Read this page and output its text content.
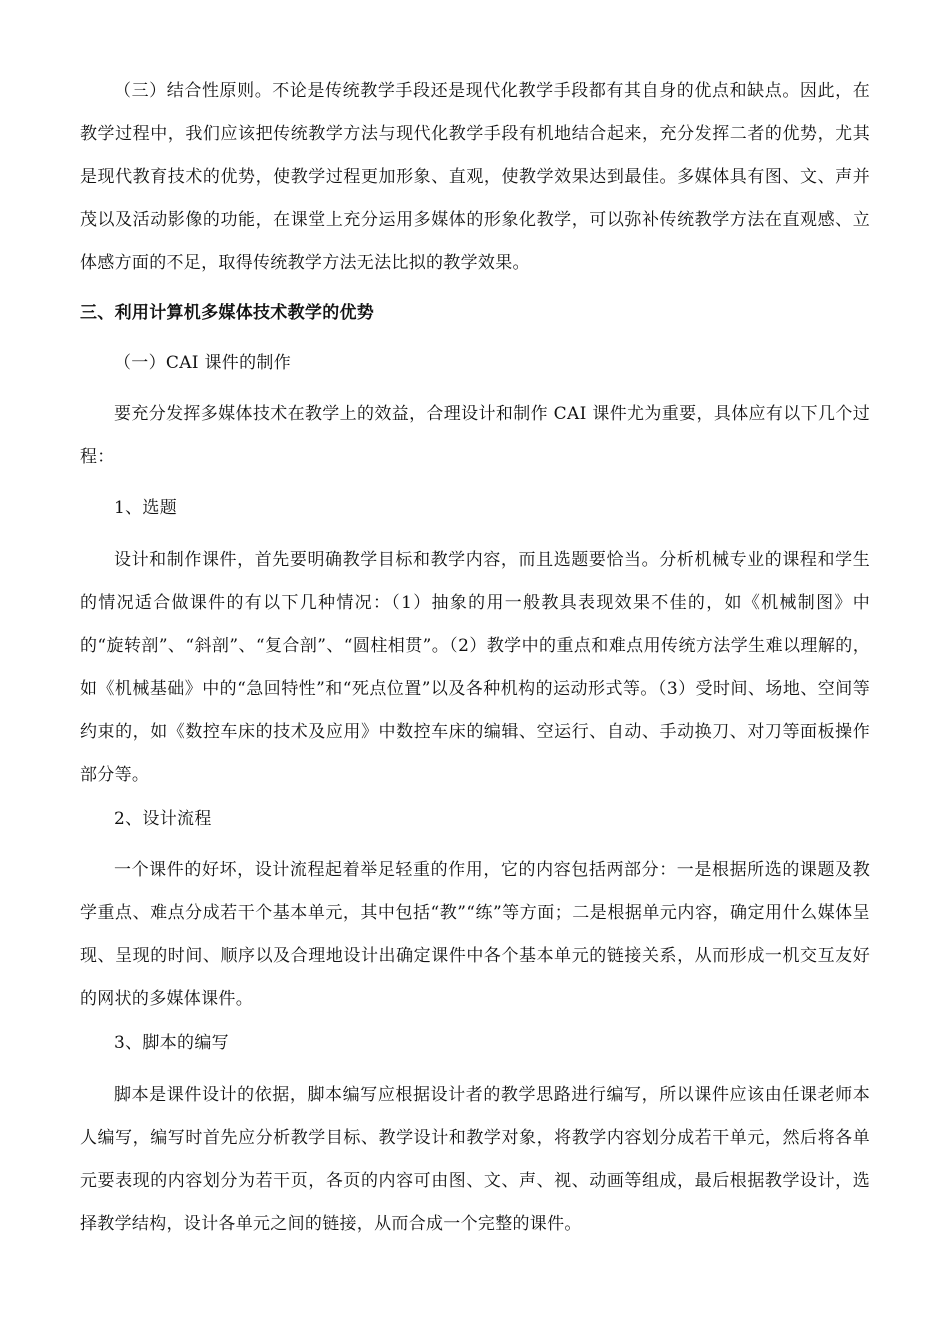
（三）结合性原则。不论是传统教学手段还是现代化教学手段都有其自身的优点和缺点。因此，在教学过程中，我们应该把传统教学方法与现代化教学手段有机地结合起来，充分发挥二者的优势，尤其是现代教育技术的优势，使教学过程更加形象、直观，使教学效果达到最佳。多媒体具有图、文、声并茂以及活动影像的功能，在课堂上充分运用多媒体的形象化教学，可以弥补传统教学方法在直观感、立体感方面的不足，取得传统教学方法无法比拟的教学效果。

三、利用计算机多媒体技术教学的优势

（一）CAI 课件的制作

要充分发挥多媒体技术在教学上的效益，合理设计和制作 CAI 课件尤为重要，具体应有以下几个过程：

1、选题

设计和制作课件，首先要明确教学目标和教学内容，而且选题要恰当。分析机械专业的课程和学生的情况适合做课件的有以下几种情况：（1）抽象的用一般教具表现效果不佳的，如《机械制图》中的“旋转剖”、“斜剖”、“复合剖”、“圆柱相贯”。（2）教学中的重点和难点用传统方法学生难以理解的，如《机械基础》中的“急回特性”和“死点位置”以及各种机构的运动形式等。（3）受时间、场地、空间等约束的，如《数控车床的技术及应用》中数控车床的编辑、空运行、自动、手动换刀、对刀等面板操作部分等。

2、设计流程

一个课件的好坏，设计流程起着举足轻重的作用，它的内容包括两部分：一是根据所选的课题及教学重点、难点分成若干个基本单元，其中包括“教”“练”等方面；二是根据单元内容，确定用什么媒体呈现、呈现的时间、顺序以及合理地设计出确定课件中各个基本单元的链接关系，从而形成一机交互友好的网状的多媒体课件。

3、脚本的编写

脚本是课件设计的依据，脚本编写应根据设计者的教学思路进行编写，所以课件应该由任课老师本人编写，编写时首先应分析教学目标、教学设计和教学对象，将教学内容划分成若干单元，然后将各单元要表现的内容划分为若干页，各页的内容可由图、文、声、视、动画等组成，最后根据教学设计，选择教学结构，设计各单元之间的链接，从而合成一个完整的课件。
